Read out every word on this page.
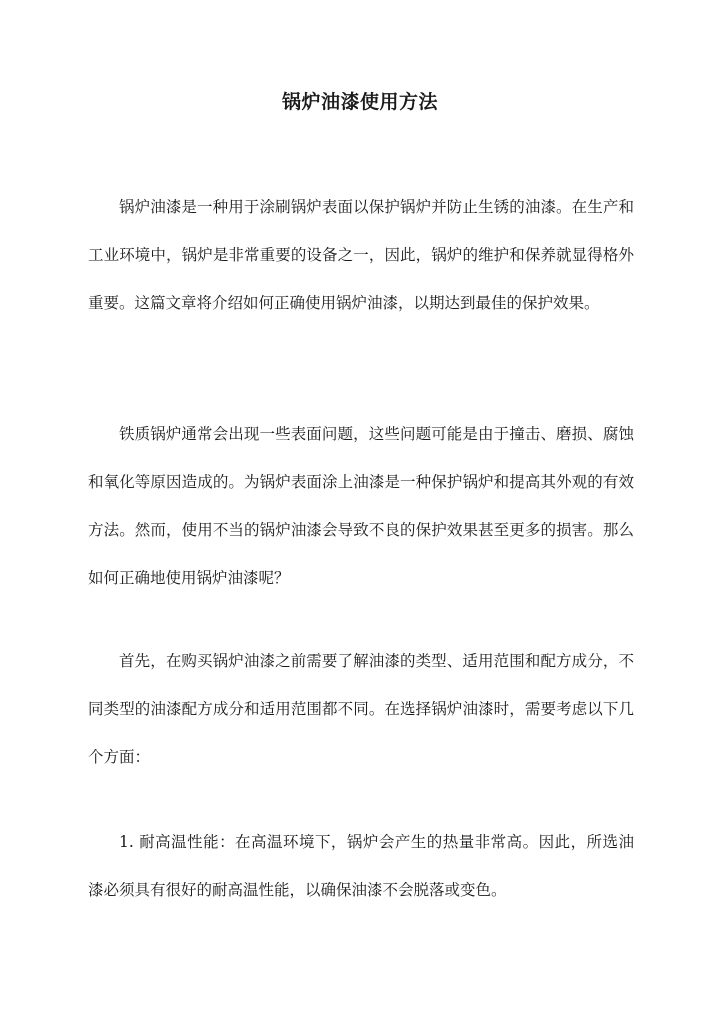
锅炉油漆使用方法

锅炉油漆是一种用于涂刷锅炉表面以保护锅炉并防止生锈的油漆。在生产和工业环境中，锅炉是非常重要的设备之一，因此，锅炉的维护和保养就显得格外重要。这篇文章将介绍如何正确使用锅炉油漆，以期达到最佳的保护效果。

铁质锅炉通常会出现一些表面问题，这些问题可能是由于撞击、磨损、腐蚀和氧化等原因造成的。为锅炉表面涂上油漆是一种保护锅炉和提高其外观的有效方法。然而，使用不当的锅炉油漆会导致不良的保护效果甚至更多的损害。那么如何正确地使用锅炉油漆呢？

首先，在购买锅炉油漆之前需要了解油漆的类型、适用范围和配方成分，不同类型的油漆配方成分和适用范围都不同。在选择锅炉油漆时，需要考虑以下几个方面：

1. 耐高温性能：在高温环境下，锅炉会产生的热量非常高。因此，所选油漆必须具有很好的耐高温性能，以确保油漆不会脱落或变色。
